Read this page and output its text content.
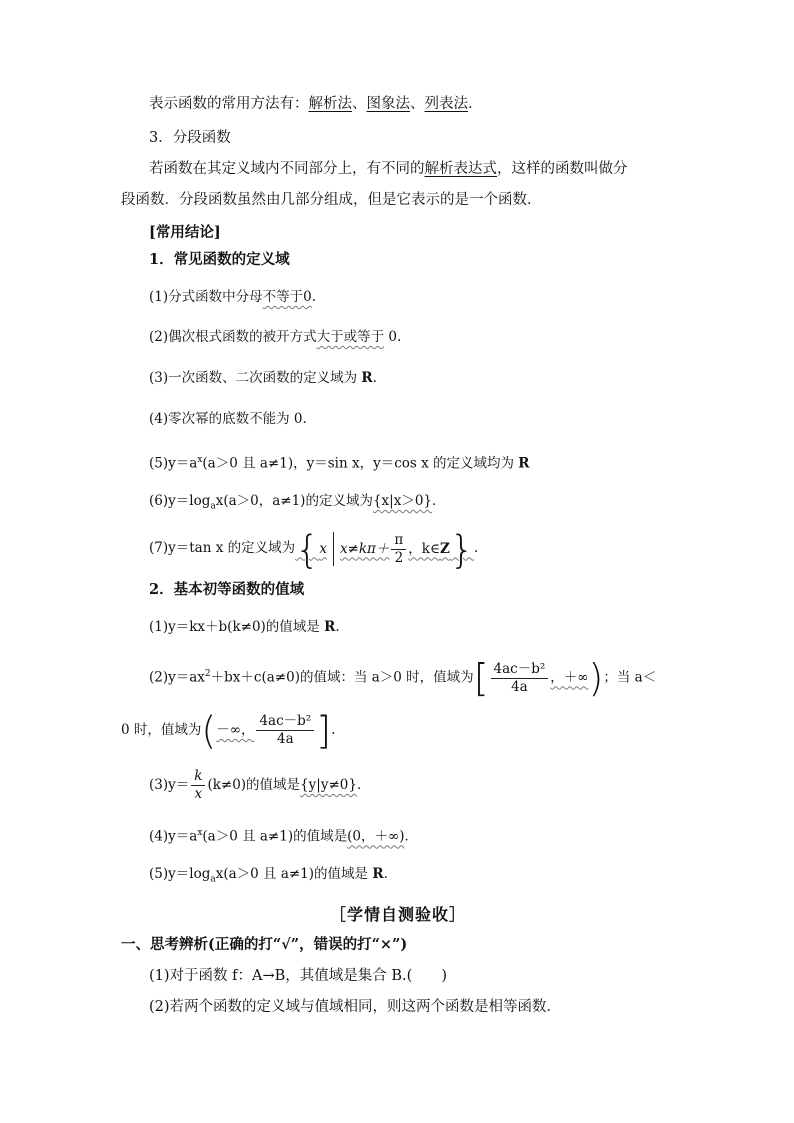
表示函数的常用方法有：解析法、图象法、列表法.
3．分段函数
若函数在其定义域内不同部分上，有不同的解析表达式，这样的函数叫做分
段函数．分段函数虽然由几部分组成，但是它表示的是一个函数．
[常用结论]
1．常见函数的定义域
(1)分式函数中分母不等于0.
(2)偶次根式函数的被开方式大于或等于 0.
(3)一次函数、二次函数的定义域为 R.
(4)零次幂的底数不能为 0.
$(5)y=a^x(a>0$ 且 a≠1)，y＝sin x，y＝cos x 的定义域均为 R
$(6)y=\log_ax(a>0$，a≠1)的定义域为{x|x＞0}．
(7)y＝tan x 的定义域为{x $x\ne k\pi+ \frac{\pi}{2}$ ，k∈Z}.
2．基本初等函数的值域
(1)y＝kx＋b(k≠0)的值域是 R.
$(2)y=ax^2+bx+c(a\ne 0)$的值域：当 a＞0 时，值域为[ $\frac{\text{4ac－b²}}{4a}$ ，＋∞)；当 a＜
0 时，值域为(－∞， $\frac{\text{4ac－b²}}{4a}$ ].
$(3)y= \frac{k}{x} (k\ne 0)$的值域是{y|y≠0}．
$(4)y=a^x(a>0$ 且 a≠1)的值域是(0，＋∞)．
$(5)y=\log_ax(a>0$ 且 a≠1)的值域是 R.
［学情自测验收］
一、思考辨析(正确的打“√”，错误的打“×”)
(1)对于函数 f：A→B，其值域是集合 B.(　　)
(2)若两个函数的定义域与值域相同，则这两个函数是相等函数．
